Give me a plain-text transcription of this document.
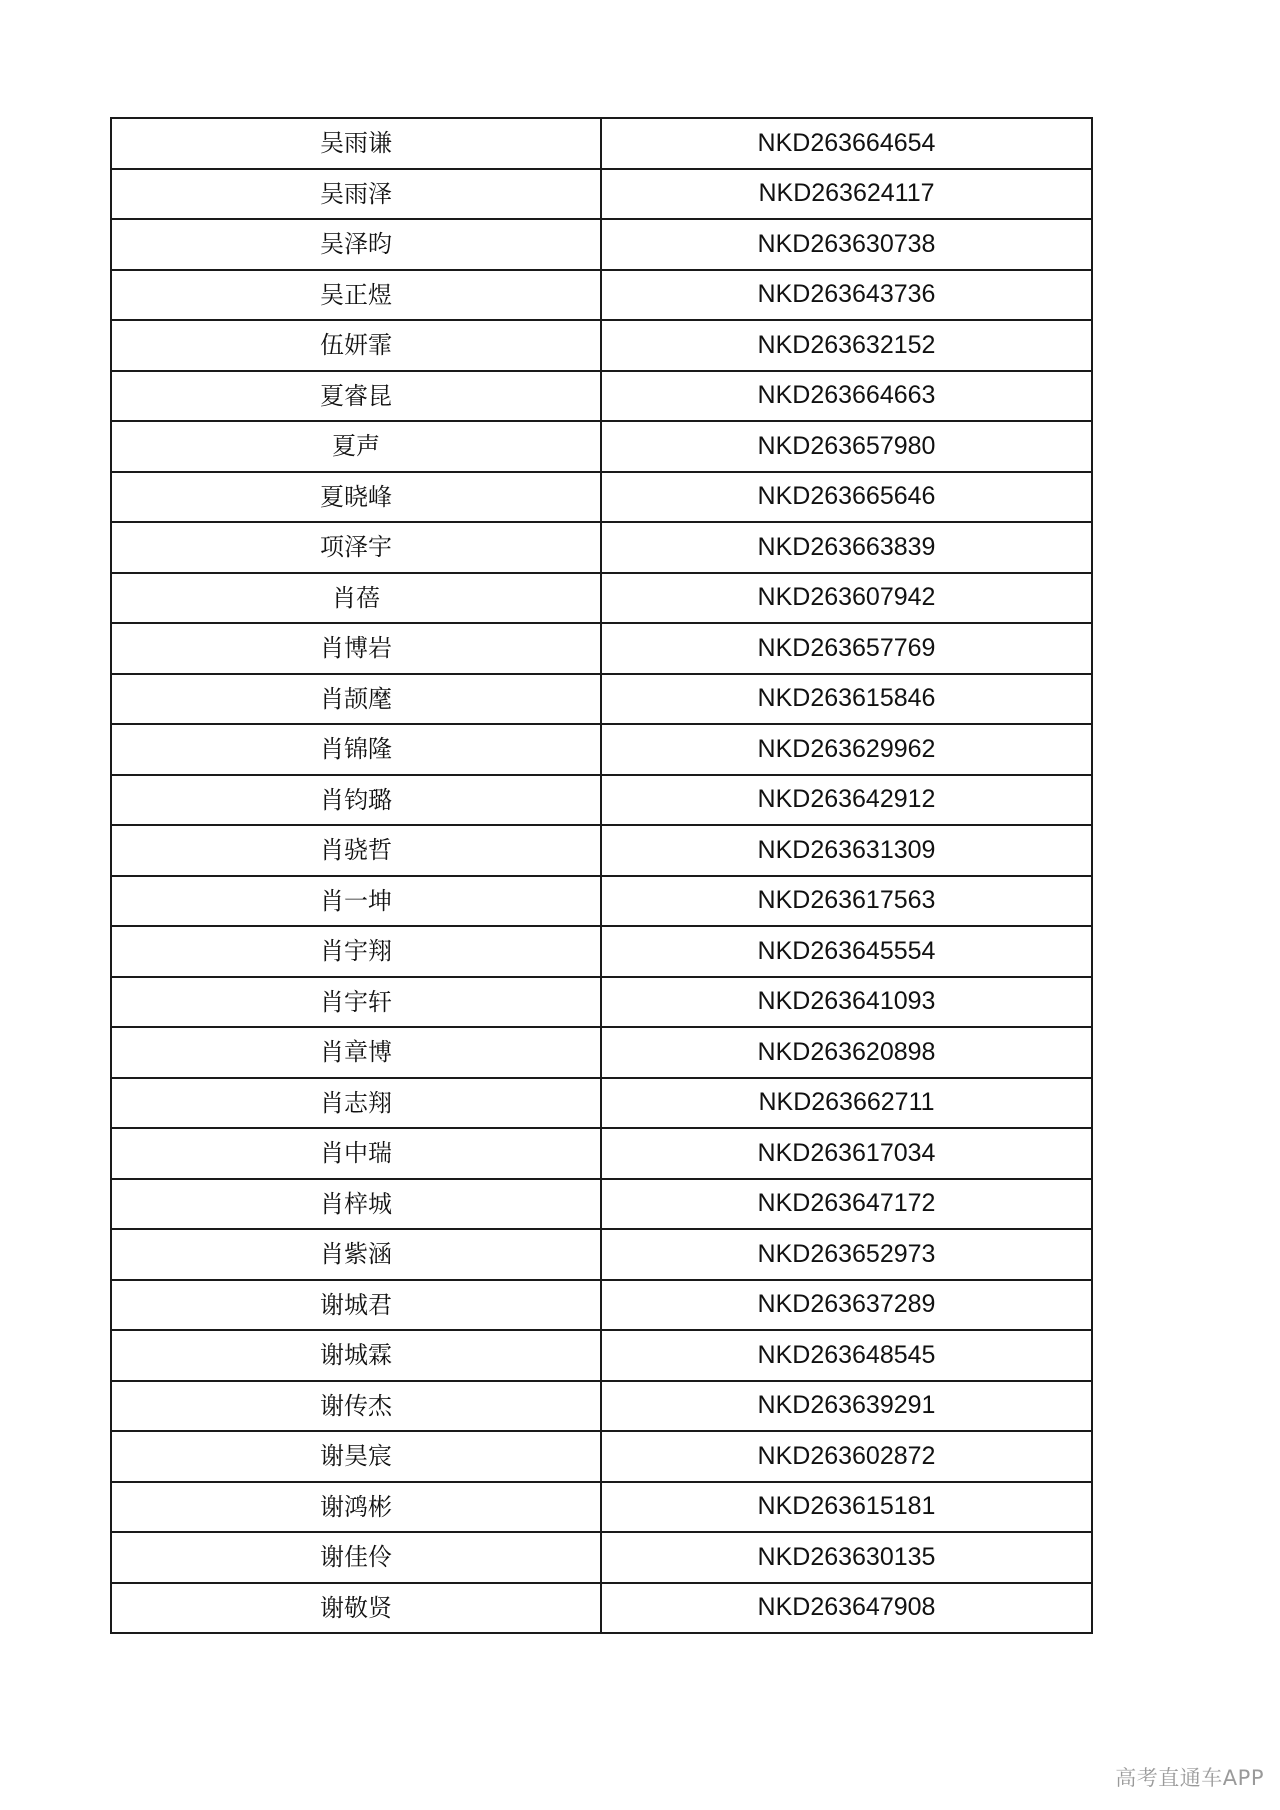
吴雨谦	NKD263664654
吴雨泽	NKD263624117
吴泽昀	NKD263630738
吴正煜	NKD263643736
伍妍霏	NKD263632152
夏睿昆	NKD263664663
夏声	NKD263657980
夏晓峰	NKD263665646
项泽宇	NKD263663839
肖蓓	NKD263607942
肖博岩	NKD263657769
肖颉麾	NKD263615846
肖锦隆	NKD263629962
肖钧璐	NKD263642912
肖骁哲	NKD263631309
肖一坤	NKD263617563
肖宇翔	NKD263645554
肖宇轩	NKD263641093
肖章博	NKD263620898
肖志翔	NKD263662711
肖中瑞	NKD263617034
肖梓城	NKD263647172
肖紫涵	NKD263652973
谢城君	NKD263637289
谢城霖	NKD263648545
谢传杰	NKD263639291
谢昊宸	NKD263602872
谢鸿彬	NKD263615181
谢佳伶	NKD263630135
谢敬贤	NKD263647908
高考直通车APP
